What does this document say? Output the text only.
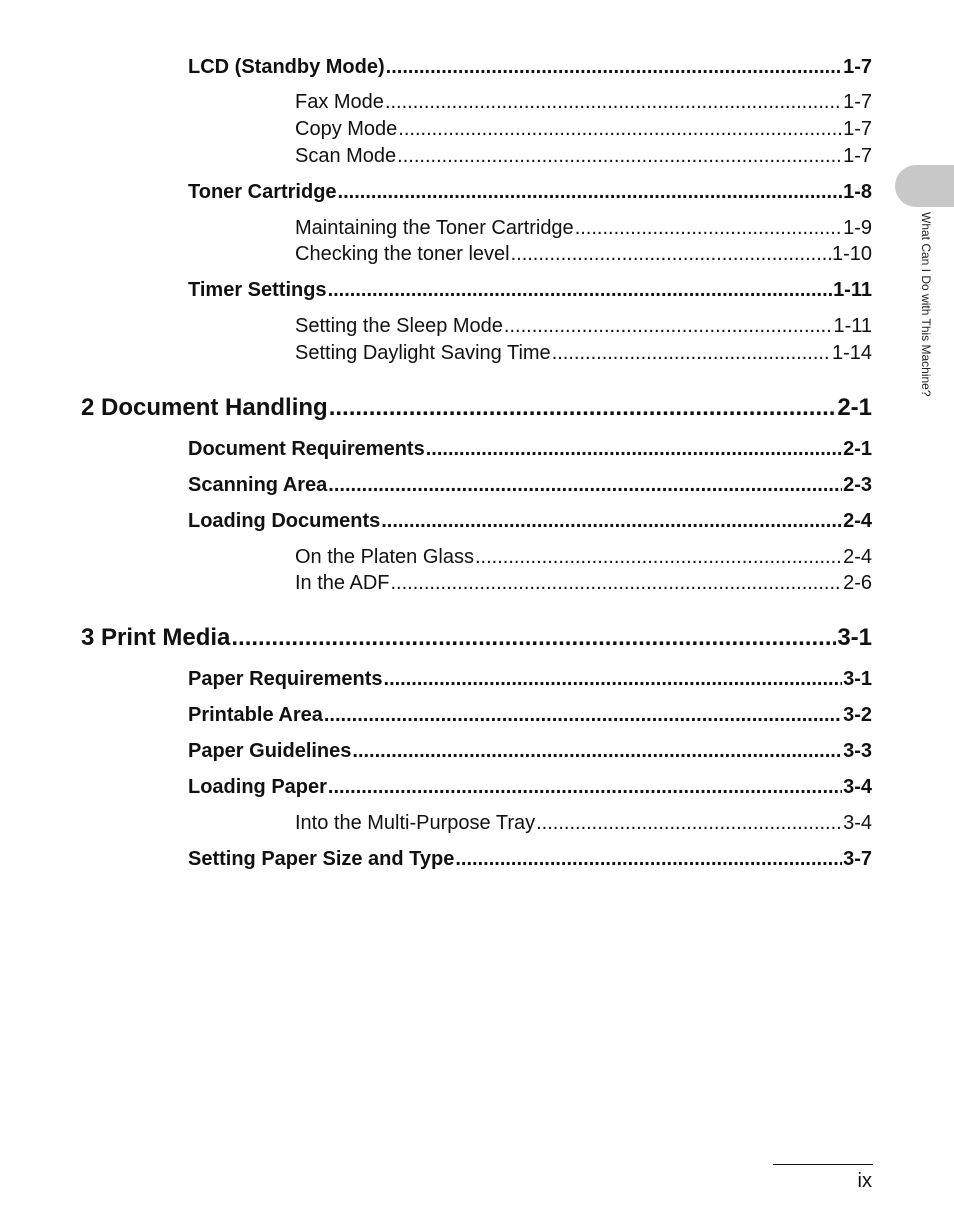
What Can I Do with This Machine?
LCD (Standby Mode) .....	1-7
Fax Mode .....	1-7
Copy Mode .....	1-7
Scan Mode .....	1-7
Toner Cartridge .....	1-8
Maintaining the Toner Cartridge .....	1-9
Checking the toner level .....	1-10
Timer Settings .....	1-11
Setting the Sleep Mode .....	1-11
Setting Daylight Saving Time .....	1-14
2 Document Handling .....	2-1
Document Requirements .....	2-1
Scanning Area .....	2-3
Loading Documents .....	2-4
On the Platen Glass .....	2-4
In the ADF .....	2-6
3 Print Media .....	3-1
Paper Requirements .....	3-1
Printable Area .....	3-2
Paper Guidelines .....	3-3
Loading Paper .....	3-4
Into the Multi-Purpose Tray .....	3-4
Setting Paper Size and Type .....	3-7
ix
